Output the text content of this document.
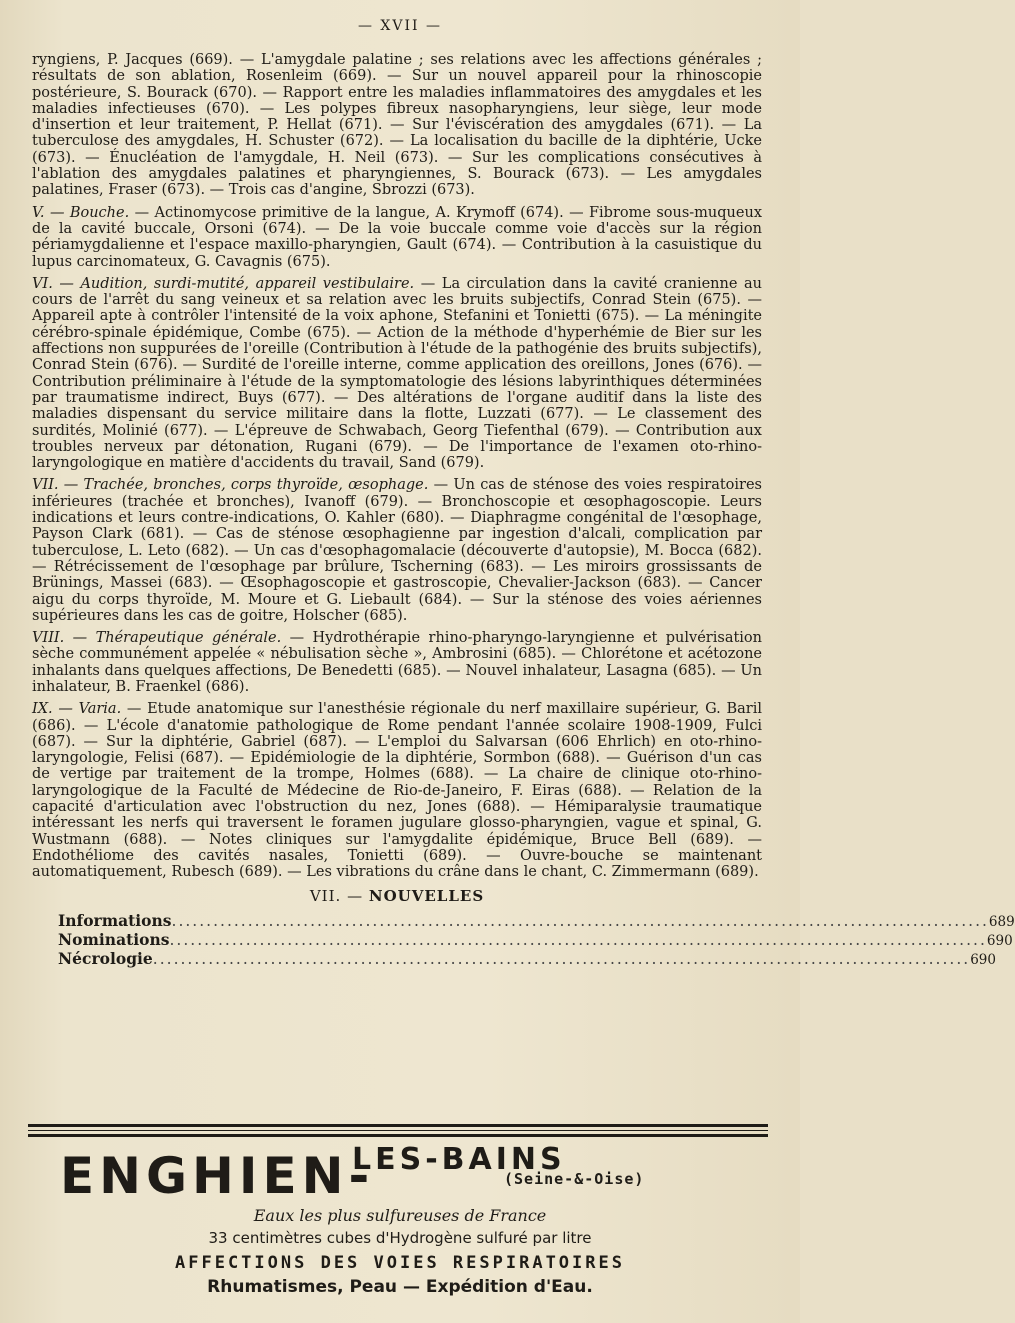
— XVII —

ryngiens, P. Jacques (669). — L'amygdale palatine ; ses relations avec les affections générales ; résultats de son ablation, Rosenleim (669). — Sur un nouvel appareil pour la rhinoscopie postérieure, S. Bourack (670). — Rapport entre les maladies inflammatoires des amygdales et les maladies infectieuses (670). — Les polypes fibreux nasopharyngiens, leur siège, leur mode d'insertion et leur traitement, P. Hellat (671). — Sur l'éviscération des amygdales (671). — La tuberculose des amygdales, H. Schuster (672). — La localisation du bacille de la diphtérie, Ucke (673). — Énucléation de l'amygdale, H. Neil (673). — Sur les complications consécutives à l'ablation des amygdales palatines et pharyngiennes, S. Bourack (673). — Les amygdales palatines, Fraser (673). — Trois cas d'angine, Sbrozzi (673).

V. — Bouche. — Actinomycose primitive de la langue, A. Krymoff (674). — Fibrome sous-muqueux de la cavité buccale, Orsoni (674). — De la voie buccale comme voie d'accès sur la région périamygdalienne et l'espace maxillo-pharyngien, Gault (674). — Contribution à la casuistique du lupus carcinomateux, G. Cavagnis (675).

VI. — Audition, surdi-mutité, appareil vestibulaire. — La circulation dans la cavité cranienne au cours de l'arrêt du sang veineux et sa relation avec les bruits subjectifs, Conrad Stein (675). — Appareil apte à contrôler l'intensité de la voix aphone, Stefanini et Tonietti (675). — La méningite cérébro-spinale épidémique, Combe (675). — Action de la méthode d'hyperhémie de Bier sur les affections non suppurées de l'oreille (Contribution à l'étude de la pathogénie des bruits subjectifs), Conrad Stein (676). — Surdité de l'oreille interne, comme application des oreillons, Jones (676). — Contribution préliminaire à l'étude de la symptomatologie des lésions labyrinthiques déterminées par traumatisme indirect, Buys (677). — Des altérations de l'organe auditif dans la liste des maladies dispensant du service militaire dans la flotte, Luzzati (677). — Le classement des surdités, Molinié (677). — L'épreuve de Schwabach, Georg Tiefenthal (679). — Contribution aux troubles nerveux par détonation, Rugani (679). — De l'importance de l'examen oto-rhino-laryngologique en matière d'accidents du travail, Sand (679).

VII. — Trachée, bronches, corps thyroïde, œsophage. — Un cas de sténose des voies respiratoires inférieures (trachée et bronches), Ivanoff (679). — Bronchoscopie et œsophagoscopie. Leurs indications et leurs contre-indications, O. Kahler (680). — Diaphragme congénital de l'œsophage, Payson Clark (681). — Cas de sténose œsophagienne par ingestion d'alcali, complication par tuberculose, L. Leto (682). — Un cas d'œsophagomalacie (découverte d'autopsie), M. Bocca (682). — Rétrécissement de l'œsophage par brûlure, Tscherning (683). — Les miroirs grossissants de Brünings, Massei (683). — Œsophagoscopie et gastroscopie, Chevalier-Jackson (683). — Cancer aigu du corps thyroïde, M. Moure et G. Liebault (684). — Sur la sténose des voies aériennes supérieures dans les cas de goitre, Holscher (685).

VIII. — Thérapeutique générale. — Hydrothérapie rhino-pharyngo-laryngienne et pulvérisation sèche communément appelée « nébulisation sèche », Ambrosini (685). — Chlorétone et acétozone inhalants dans quelques affections, De Benedetti (685). — Nouvel inhalateur, Lasagna (685). — Un inhalateur, B. Fraenkel (686).

IX. — Varia. — Etude anatomique sur l'anesthésie régionale du nerf maxillaire supérieur, G. Baril (686). — L'école d'anatomie pathologique de Rome pendant l'année scolaire 1908-1909, Fulci (687). — Sur la diphtérie, Gabriel (687). — L'emploi du Salvarsan (606 Ehrlich) en oto-rhino-laryngologie, Felisi (687). — Epidémiologie de la diphtérie, Sormbon (688). — Guérison d'un cas de vertige par traitement de la trompe, Holmes (688). — La chaire de clinique oto-rhino-laryngologique de la Faculté de Médecine de Rio-de-Janeiro, F. Eiras (688). — Relation de la capacité d'articulation avec l'obstruction du nez, Jones (688). — Hémiparalysie traumatique intéressant les nerfs qui traversent le foramen jugulare glosso-pharyngien, vague et spinal, G. Wustmann (688). — Notes cliniques sur l'amygdalite épidémique, Bruce Bell (689). — Endothéliome des cavités nasales, Tonietti (689). — Ouvre-bouche se maintenant automatiquement, Rubesch (689). — Les vibrations du crâne dans le chant, C. Zimmermann (689).

VII. — NOUVELLES
Informations ...................................................................................................................... 689
Nominations ...................................................................................................................... 690
Nécrologie ...................................................................................................................... 690
ENGHIEN-
LES-BAINS
(Seine-&-Oise)
Eaux les plus sulfureuses de France
33 centimètres cubes d'Hydrogène sulfuré par litre
AFFECTIONS DES VOIES RESPIRATOIRES
Rhumatismes, Peau — Expédition d'Eau.
